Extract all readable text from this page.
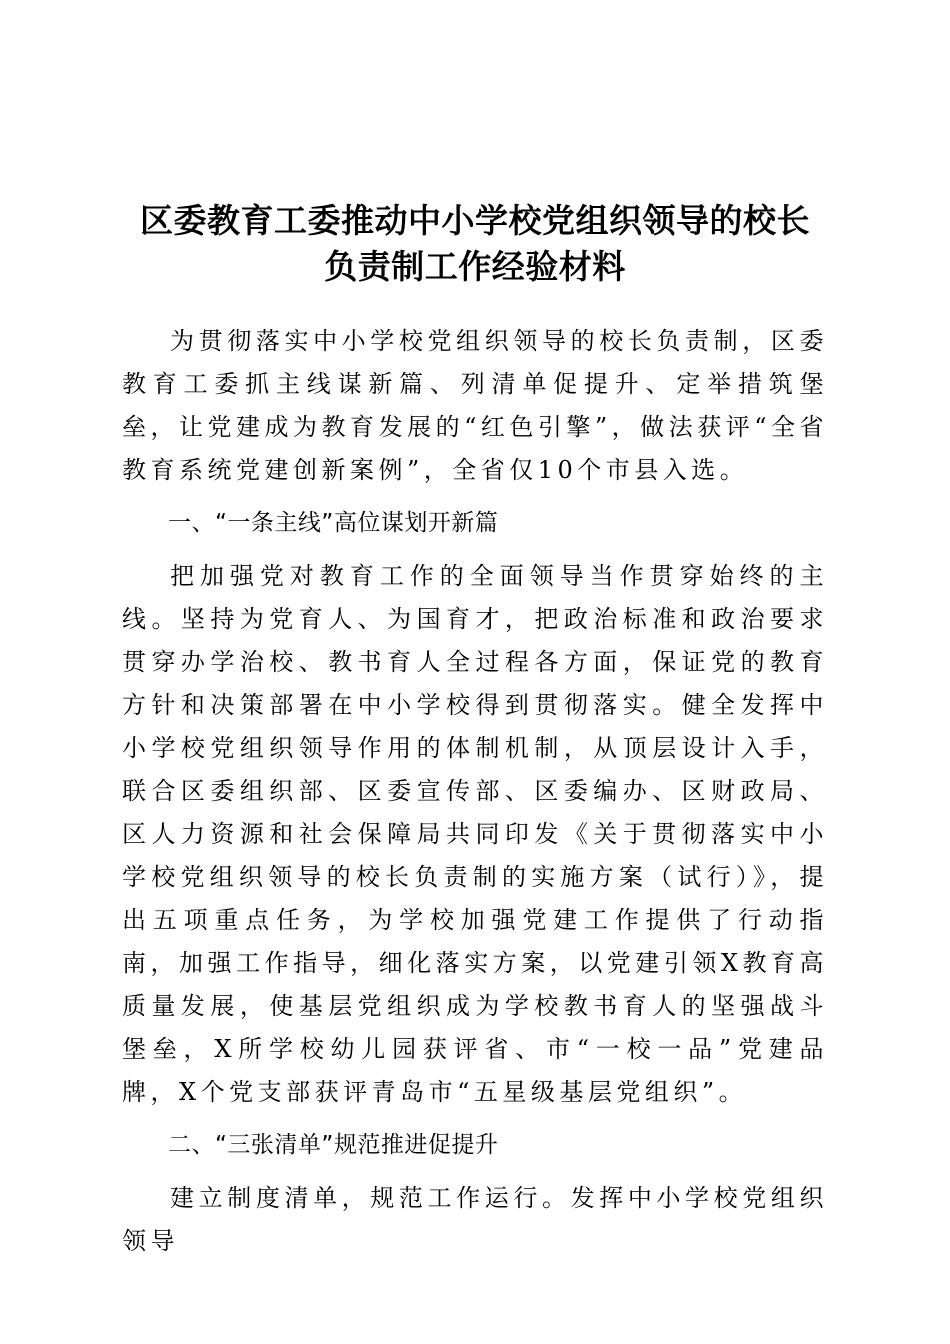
区委教育工委推动中小学校党组织领导的校长
负责制工作经验材料

为贯彻落实中小学校党组织领导的校长负责制，区委教育工委抓主线谋新篇、列清单促提升、定举措筑堡垒，让党建成为教育发展的“红色引擎”，做法获评“全省教育系统党建创新案例”，全省仅10个市县入选。

一、“一条主线”高位谋划开新篇

把加强党对教育工作的全面领导当作贯穿始终的主线。坚持为党育人、为国育才，把政治标准和政治要求贯穿办学治校、教书育人全过程各方面，保证党的教育方针和决策部署在中小学校得到贯彻落实。健全发挥中小学校党组织领导作用的体制机制，从顶层设计入手，联合区委组织部、区委宣传部、区委编办、区财政局、区人力资源和社会保障局共同印发《关于贯彻落实中小学校党组织领导的校长负责制的实施方案（试行）》，提出五项重点任务，为学校加强党建工作提供了行动指南，加强工作指导，细化落实方案，以党建引领X教育高质量发展，使基层党组织成为学校教书育人的坚强战斗堡垒，X所学校幼儿园获评省、市“一校一品”党建品牌，X个党支部获评青岛市“五星级基层党组织”。

二、“三张清单”规范推进促提升

建立制度清单，规范工作运行。发挥中小学校党组织领导
